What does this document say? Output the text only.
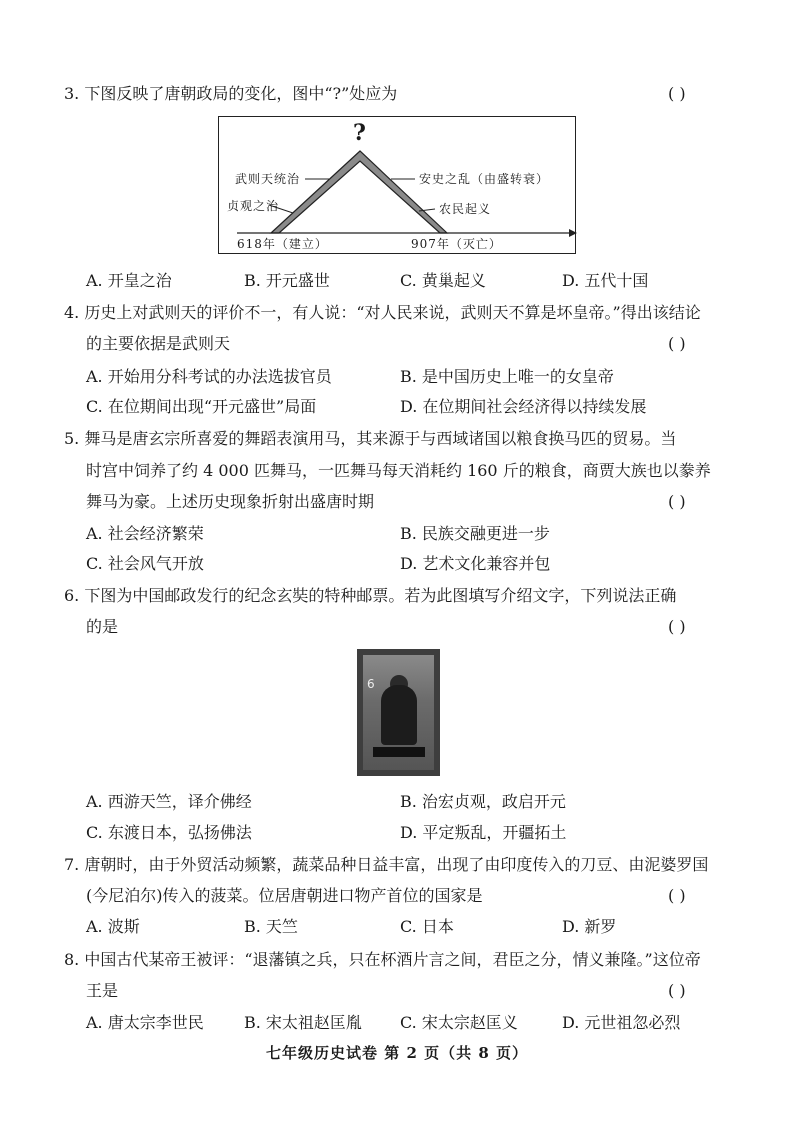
3. 下图反映了唐朝政局的变化，图中“?”处应为	( )
?
武则天统治
贞观之治
安史之乱（由盛转衰）
农民起义
618年（建立）	907年（灭亡）
A. 开皇之治	B. 开元盛世	C. 黄巢起义	D. 五代十国
4. 历史上对武则天的评价不一，有人说：“对人民来说，武则天不算是坏皇帝。”得出该结论
的主要依据是武则天	( )
A. 开始用分科考试的办法选拔官员	B. 是中国历史上唯一的女皇帝
C. 在位期间出现“开元盛世”局面	D. 在位期间社会经济得以持续发展
5. 舞马是唐玄宗所喜爱的舞蹈表演用马，其来源于与西域诸国以粮食换马匹的贸易。当
时宫中饲养了约 4 000 匹舞马，一匹舞马每天消耗约 160 斤的粮食，商贾大族也以豢养
舞马为豪。上述历史现象折射出盛唐时期	( )
A. 社会经济繁荣	B. 民族交融更进一步
C. 社会风气开放	D. 艺术文化兼容并包
6. 下图为中国邮政发行的纪念玄奘的特种邮票。若为此图填写介绍文字，下列说法正确
的是	( )
6
A. 西游天竺，译介佛经	B. 治宏贞观，政启开元
C. 东渡日本，弘扬佛法	D. 平定叛乱，开疆拓土
7. 唐朝时，由于外贸活动频繁，蔬菜品种日益丰富，出现了由印度传入的刀豆、由泥婆罗国
(今尼泊尔)传入的菠菜。位居唐朝进口物产首位的国家是	( )
A. 波斯	B. 天竺	C. 日本	D. 新罗
8. 中国古代某帝王被评：“退藩镇之兵，只在杯酒片言之间，君臣之分，情义兼隆。”这位帝
王是	( )
A. 唐太宗李世民	B. 宋太祖赵匡胤 C. 宋太宗赵匡义	D. 元世祖忽必烈
七年级历史试卷 第 2 页（共 8 页）
